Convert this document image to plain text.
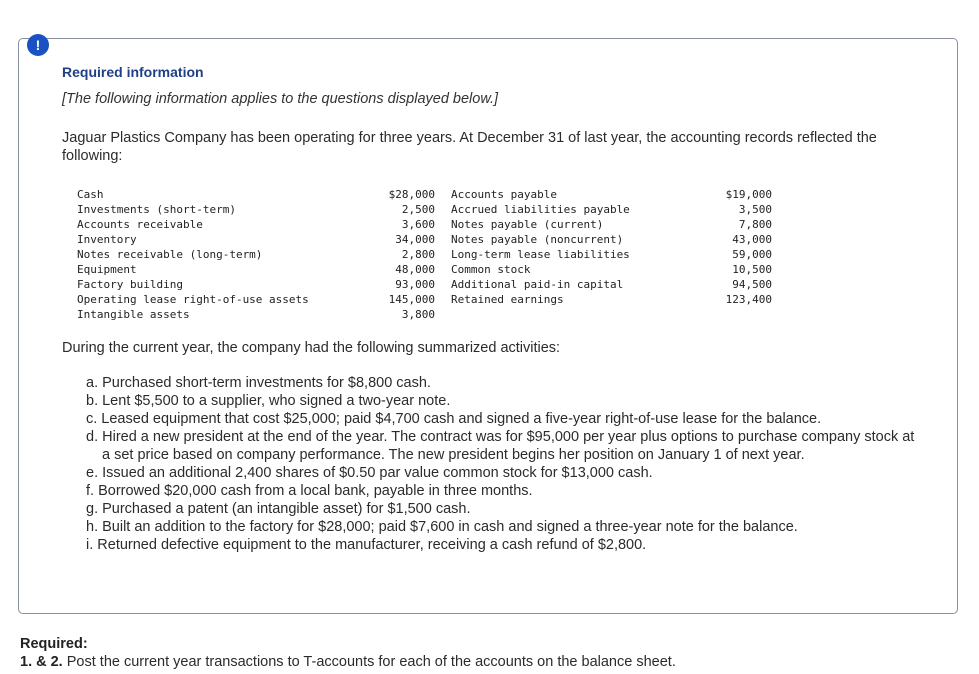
!
Required information
[The following information applies to the questions displayed below.]
Jaguar Plastics Company has been operating for three years. At December 31 of last year, the accounting records reflected the following:
Cash
Investments (short-term)
Accounts receivable
Inventory
Notes receivable (long-term)
Equipment
Factory building
Operating lease right-of-use assets
Intangible assets
$28,000
2,500
3,600
34,000
2,800
48,000
93,000
145,000
3,800
Accounts payable
Accrued liabilities payable
Notes payable (current)
Notes payable (noncurrent)
Long-term lease liabilities
Common stock
Additional paid-in capital
Retained earnings
$19,000
3,500
7,800
43,000
59,000
10,500
94,500
123,400
During the current year, the company had the following summarized activities:
a. Purchased short-term investments for $8,800 cash.
b. Lent $5,500 to a supplier, who signed a two-year note.
c. Leased equipment that cost $25,000; paid $4,700 cash and signed a five-year right-of-use lease for the balance.
d. Hired a new president at the end of the year. The contract was for $95,000 per year plus options to purchase company stock at a set price based on company performance. The new president begins her position on January 1 of next year.
e. Issued an additional 2,400 shares of $0.50 par value common stock for $13,000 cash.
f. Borrowed $20,000 cash from a local bank, payable in three months.
g. Purchased a patent (an intangible asset) for $1,500 cash.
h. Built an addition to the factory for $28,000; paid $7,600 in cash and signed a three-year note for the balance.
i. Returned defective equipment to the manufacturer, receiving a cash refund of $2,800.
Required:
1. & 2. Post the current year transactions to T-accounts for each of the accounts on the balance sheet.
